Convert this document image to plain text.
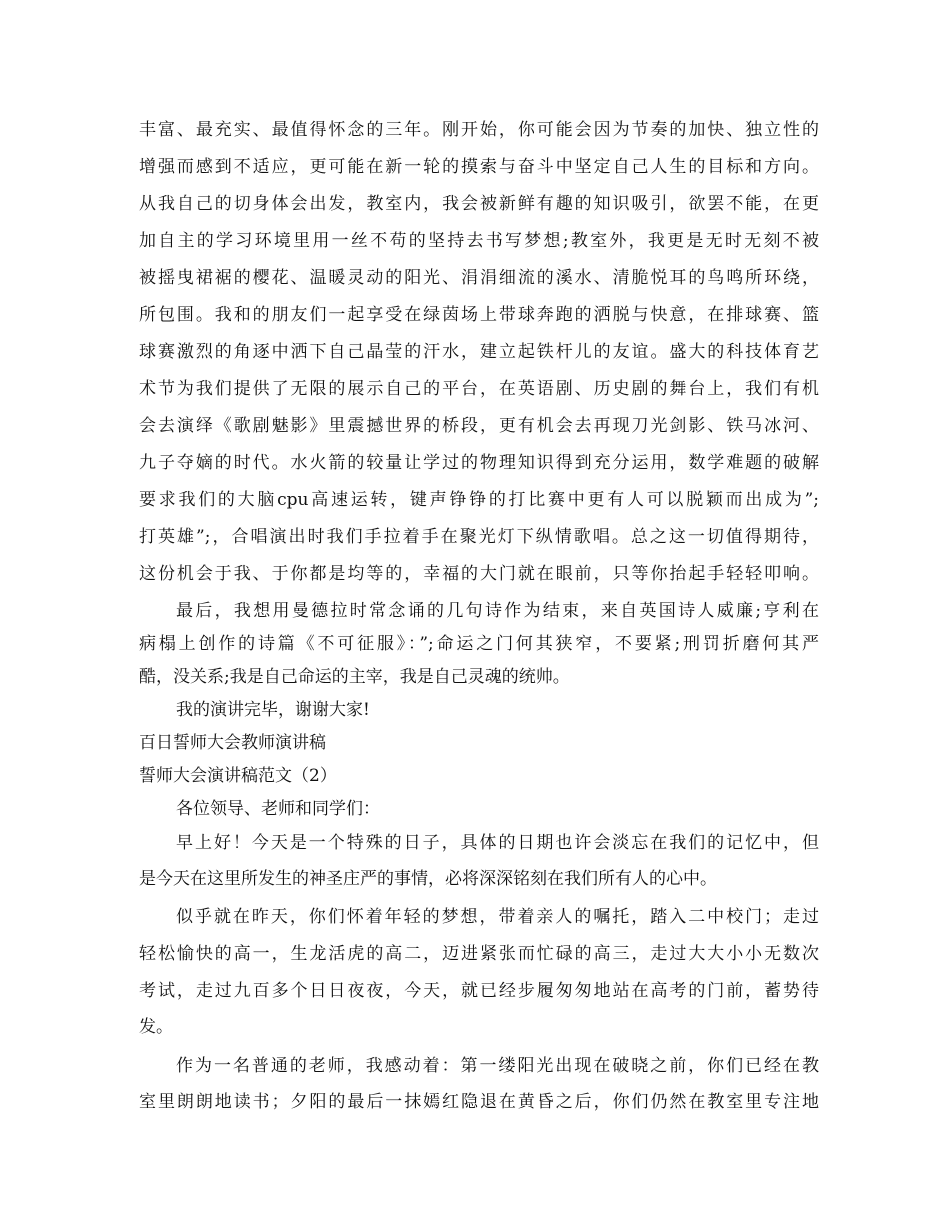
丰富、最充实、最值得怀念的三年。刚开始，你可能会因为节奏的加快、独立性的

增强而感到不适应，更可能在新一轮的摸索与奋斗中坚定自己人生的目标和方向。

从我自己的切身体会出发，教室内，我会被新鲜有趣的知识吸引，欲罢不能，在更

加自主的学习环境里用一丝不苟的坚持去书写梦想;教室外，我更是无时无刻不被

被摇曳裙裾的樱花、温暖灵动的阳光、涓涓细流的溪水、清脆悦耳的鸟鸣所环绕，

所包围。我和的朋友们一起享受在绿茵场上带球奔跑的洒脱与快意，在排球赛、篮

球赛激烈的角逐中洒下自己晶莹的汗水，建立起铁杆儿的友谊。盛大的科技体育艺

术节为我们提供了无限的展示自己的平台，在英语剧、历史剧的舞台上，我们有机

会去演绎《歌剧魅影》里震撼世界的桥段，更有机会去再现刀光剑影、铁马冰河、

九子夺嫡的时代。水火箭的较量让学过的物理知识得到充分运用，数学难题的破解

要求我们的大脑cpu高速运转，键声铮铮的打比赛中更有人可以脱颖而出成为”;

打英雄”;，合唱演出时我们手拉着手在聚光灯下纵情歌唱。总之这一切值得期待，

这份机会于我、于你都是均等的，幸福的大门就在眼前，只等你抬起手轻轻叩响。

最后，我想用曼德拉时常念诵的几句诗作为结束，来自英国诗人威廉;亨利在

病榻上创作的诗篇《不可征服》：”;命运之门何其狭窄，不要紧;刑罚折磨何其严

酷，没关系;我是自己命运的主宰，我是自己灵魂的统帅。

我的演讲完毕，谢谢大家!

百日誓师大会教师演讲稿

誓师大会演讲稿范文（2）

各位领导、老师和同学们：

早上好！今天是一个特殊的日子，具体的日期也许会淡忘在我们的记忆中，但

是今天在这里所发生的神圣庄严的事情，必将深深铭刻在我们所有人的心中。

似乎就在昨天，你们怀着年轻的梦想，带着亲人的嘱托，踏入二中校门；走过

轻松愉快的高一，生龙活虎的高二，迈进紧张而忙碌的高三，走过大大小小无数次

考试，走过九百多个日日夜夜，今天，就已经步履匆匆地站在高考的门前，蓄势待

发。

作为一名普通的老师，我感动着：第一缕阳光出现在破晓之前，你们已经在教

室里朗朗地读书；夕阳的最后一抹嫣红隐退在黄昏之后，你们仍然在教室里专注地
